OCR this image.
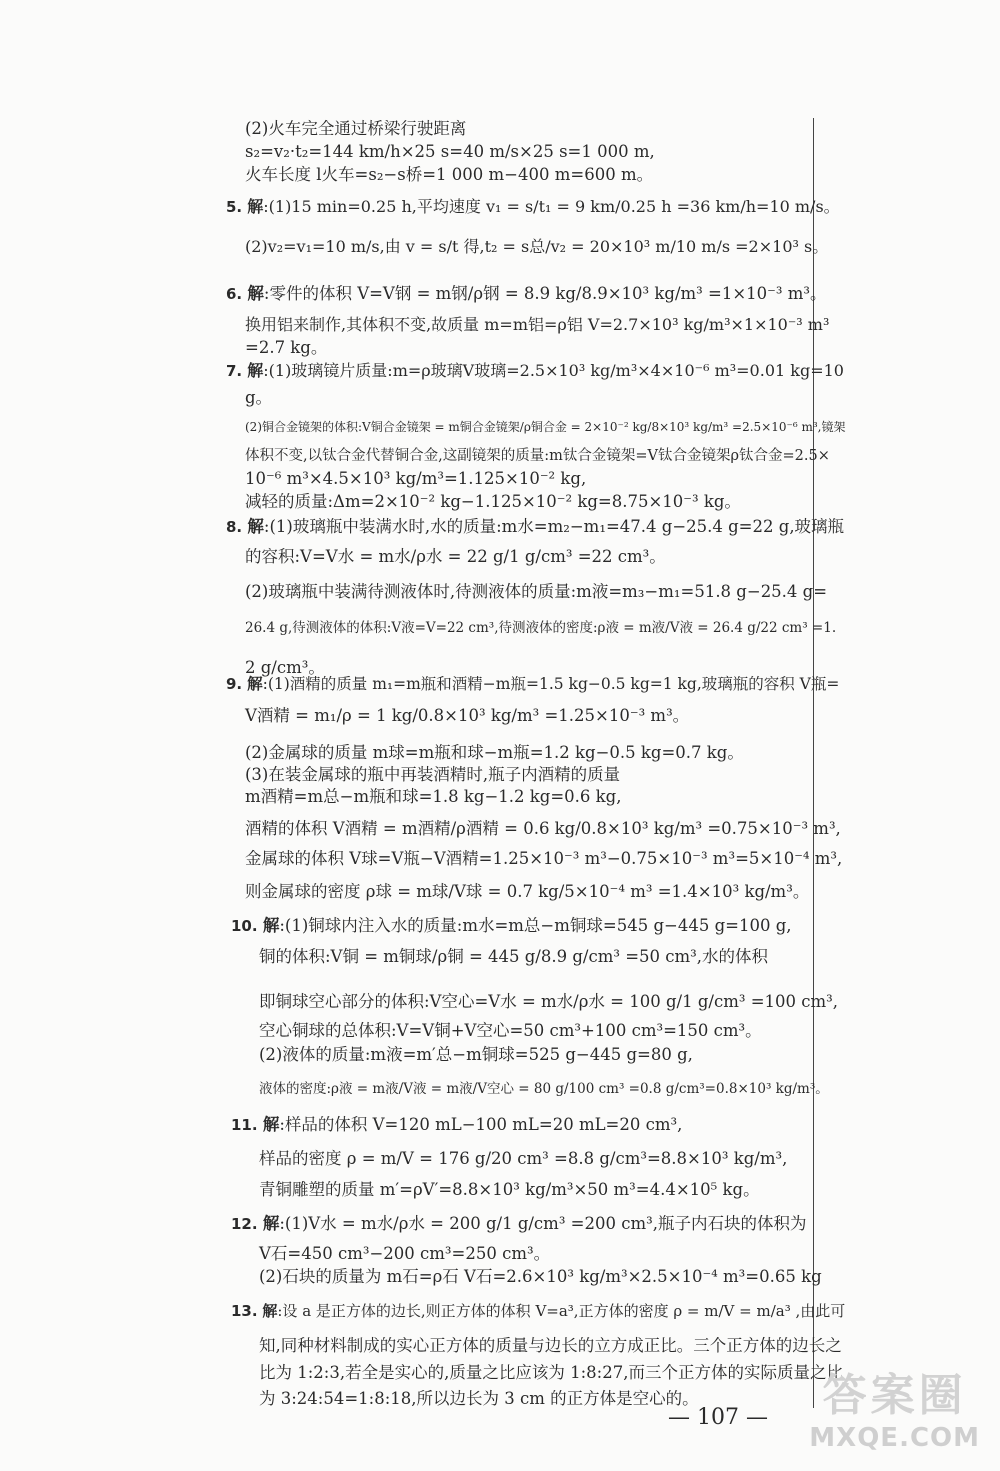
(2)火车完全通过桥梁行驶距离
s₂=v₂·t₂=144 km/h×25 s=40 m/s×25 s=1 000 m,
火车长度 l火车=s₂−s桥=1 000 m−400 m=600 m。
5. 解:(1)15 min=0.25 h,平均速度 v₁ = s/t₁ = 9 km/0.25 h =36 km/h=10 m/s。
(2)v₂=v₁=10 m/s,由 v = s/t 得,t₂ = s总/v₂ = 20×10³ m/10 m/s =2×10³ s。
6. 解:零件的体积 V=V钢 = m钢/ρ钢 = 8.9 kg/8.9×10³ kg/m³ =1×10⁻³ m³。
换用铝来制作,其体积不变,故质量 m=m铝=ρ铝 V=2.7×10³ kg/m³×1×10⁻³ m³
=2.7 kg。
7. 解:(1)玻璃镜片质量:m=ρ玻璃V玻璃=2.5×10³ kg/m³×4×10⁻⁶ m³=0.01 kg=10
g。
(2)铜合金镜架的体积:V铜合金镜架 = m铜合金镜架/ρ铜合金 = 2×10⁻² kg/8×10³ kg/m³ =2.5×10⁻⁶ m³,镜架
体积不变,以钛合金代替铜合金,这副镜架的质量:m钛合金镜架=V钛合金镜架ρ钛合金=2.5×
10⁻⁶ m³×4.5×10³ kg/m³=1.125×10⁻² kg,
减轻的质量:Δm=2×10⁻² kg−1.125×10⁻² kg=8.75×10⁻³ kg。
8. 解:(1)玻璃瓶中装满水时,水的质量:m水=m₂−m₁=47.4 g−25.4 g=22 g,玻璃瓶
的容积:V=V水 = m水/ρ水 = 22 g/1 g/cm³ =22 cm³。
(2)玻璃瓶中装满待测液体时,待测液体的质量:m液=m₃−m₁=51.8 g−25.4 g=
26.4 g,待测液体的体积:V液=V=22 cm³,待测液体的密度:ρ液 = m液/V液 = 26.4 g/22 cm³ =1.
2 g/cm³。
9. 解:(1)酒精的质量 m₁=m瓶和酒精−m瓶=1.5 kg−0.5 kg=1 kg,玻璃瓶的容积 V瓶=
V酒精 = m₁/ρ = 1 kg/0.8×10³ kg/m³ =1.25×10⁻³ m³。
(2)金属球的质量 m球=m瓶和球−m瓶=1.2 kg−0.5 kg=0.7 kg。
(3)在装金属球的瓶中再装酒精时,瓶子内酒精的质量
m酒精=m总−m瓶和球=1.8 kg−1.2 kg=0.6 kg,
酒精的体积 V酒精 = m酒精/ρ酒精 = 0.6 kg/0.8×10³ kg/m³ =0.75×10⁻³ m³,
金属球的体积 V球=V瓶−V酒精=1.25×10⁻³ m³−0.75×10⁻³ m³=5×10⁻⁴ m³,
则金属球的密度 ρ球 = m球/V球 = 0.7 kg/5×10⁻⁴ m³ =1.4×10³ kg/m³。
10. 解:(1)铜球内注入水的质量:m水=m总−m铜球=545 g−445 g=100 g,
铜的体积:V铜 = m铜球/ρ铜 = 445 g/8.9 g/cm³ =50 cm³,水的体积
即铜球空心部分的体积:V空心=V水 = m水/ρ水 = 100 g/1 g/cm³ =100 cm³,
空心铜球的总体积:V=V铜+V空心=50 cm³+100 cm³=150 cm³。
(2)液体的质量:m液=m′总−m铜球=525 g−445 g=80 g,
液体的密度:ρ液 = m液/V液 = m液/V空心 = 80 g/100 cm³ =0.8 g/cm³=0.8×10³ kg/m³。
11. 解:样品的体积 V=120 mL−100 mL=20 mL=20 cm³,
样品的密度 ρ = m/V = 176 g/20 cm³ =8.8 g/cm³=8.8×10³ kg/m³,
青铜雕塑的质量 m′=ρV′=8.8×10³ kg/m³×50 m³=4.4×10⁵ kg。
12. 解:(1)V水 = m水/ρ水 = 200 g/1 g/cm³ =200 cm³,瓶子内石块的体积为
V石=450 cm³−200 cm³=250 cm³。
(2)石块的质量为 m石=ρ石 V石=2.6×10³ kg/m³×2.5×10⁻⁴ m³=0.65 kg
13. 解:设 a 是正方体的边长,则正方体的体积 V=a³,正方体的密度 ρ = m/V = m/a³ ,由此可
知,同种材料制成的实心正方体的质量与边长的立方成正比。三个正方体的边长之
比为 1:2:3,若全是实心的,质量之比应该为 1:8:27,而三个正方体的实际质量之比
为 3:24:54=1:8:18,所以边长为 3 cm 的正方体是空心的。
— 107 —	答案圈
MXQE.COM
